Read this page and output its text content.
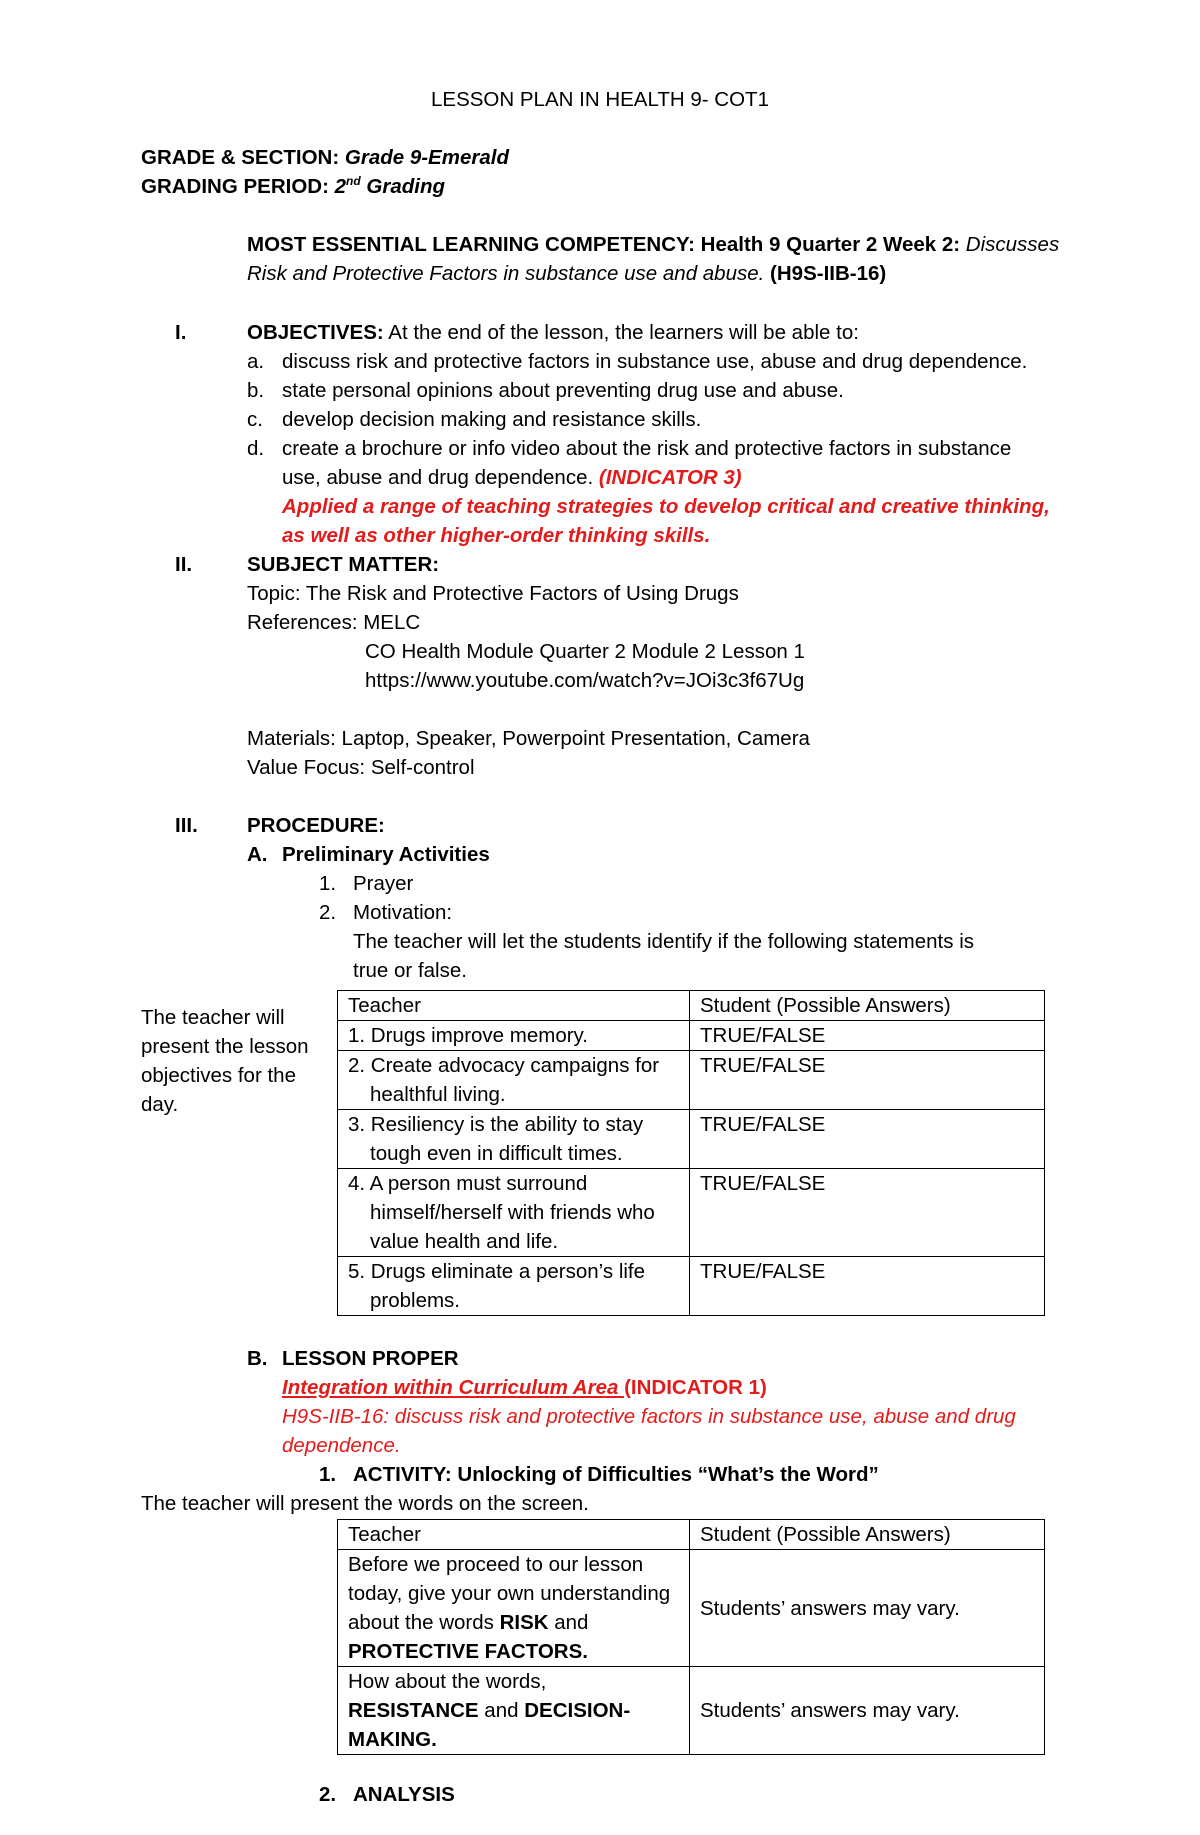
LESSON PLAN IN HEALTH 9- COT1
GRADE & SECTION: Grade 9-Emerald
GRADING PERIOD: 2nd Grading
MOST ESSENTIAL LEARNING COMPETENCY: Health 9 Quarter 2 Week 2: Discusses
Risk and Protective Factors in substance use and abuse. (H9S-IIB-16)
I.	OBJECTIVES: At the end of the lesson, the learners will be able to:
a. discuss risk and protective factors in substance use, abuse and drug dependence.
b. state personal opinions about preventing drug use and abuse.
c. develop decision making and resistance skills.
d. create a brochure or info video about the risk and protective factors in substance
use, abuse and drug dependence. (INDICATOR 3)
Applied a range of teaching strategies to develop critical and creative thinking,
as well as other higher-order thinking skills.
II.	SUBJECT MATTER:
Topic: The Risk and Protective Factors of Using Drugs
References: MELC
CO Health Module Quarter 2 Module 2 Lesson 1
https://www.youtube.com/watch?v=JOi3c3f67Ug
Materials: Laptop, Speaker, Powerpoint Presentation, Camera
Value Focus: Self-control
III. PROCEDURE:
A. Preliminary Activities
1. Prayer
2. Motivation:
The teacher will let the students identify if the following statements is
true or false.
The teacher will present the lesson objectives for the day.
Teacher	Student (Possible Answers)
1. Drugs improve memory.	TRUE/FALSE
2. Create advocacy campaigns for healthful living.	TRUE/FALSE
3. Resiliency is the ability to stay tough even in difficult times.	TRUE/FALSE
4. A person must surround himself/herself with friends who value health and life.	TRUE/FALSE
5. Drugs eliminate a person’s life problems.	TRUE/FALSE
B. LESSON PROPER
Integration within Curriculum Area (INDICATOR 1)
H9S-IIB-16: discuss risk and protective factors in substance use, abuse and drug
dependence.
1. ACTIVITY: Unlocking of Difficulties “What’s the Word”
The teacher will present the words on the screen.
Teacher	Student (Possible Answers)
Before we proceed to our lesson today, give your own understanding about the words RISK and PROTECTIVE FACTORS.	Students’ answers may vary.
How about the words, RESISTANCE and DECISION-MAKING.	Students’ answers may vary.
2. ANALYSIS
